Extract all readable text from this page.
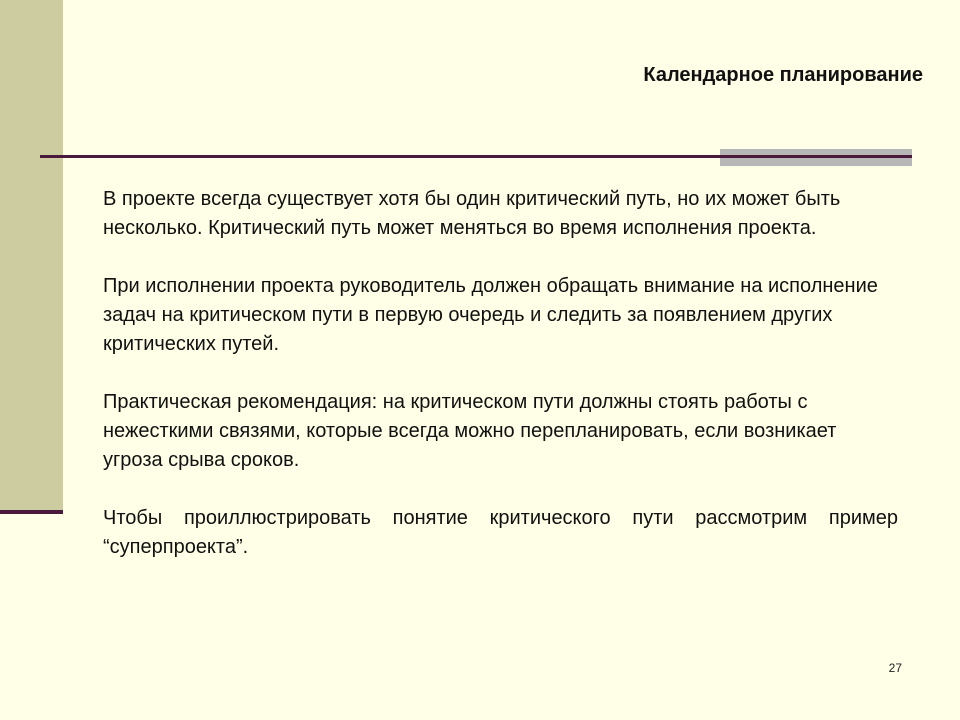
Календарное планирование

В проекте всегда существует хотя бы один критический путь, но их может быть несколько. Критический путь может меняться во время исполнения проекта.

При исполнении проекта руководитель должен обращать внимание на исполнение задач на критическом пути в первую очередь и следить за появлением других критических путей.

Практическая рекомендация: на критическом пути должны стоять работы с нежесткими связями, которые всегда можно перепланировать, если возникает угроза срыва сроков.

Чтобы проиллюстрировать понятие критического пути рассмотрим пример “суперпроекта”.

27
